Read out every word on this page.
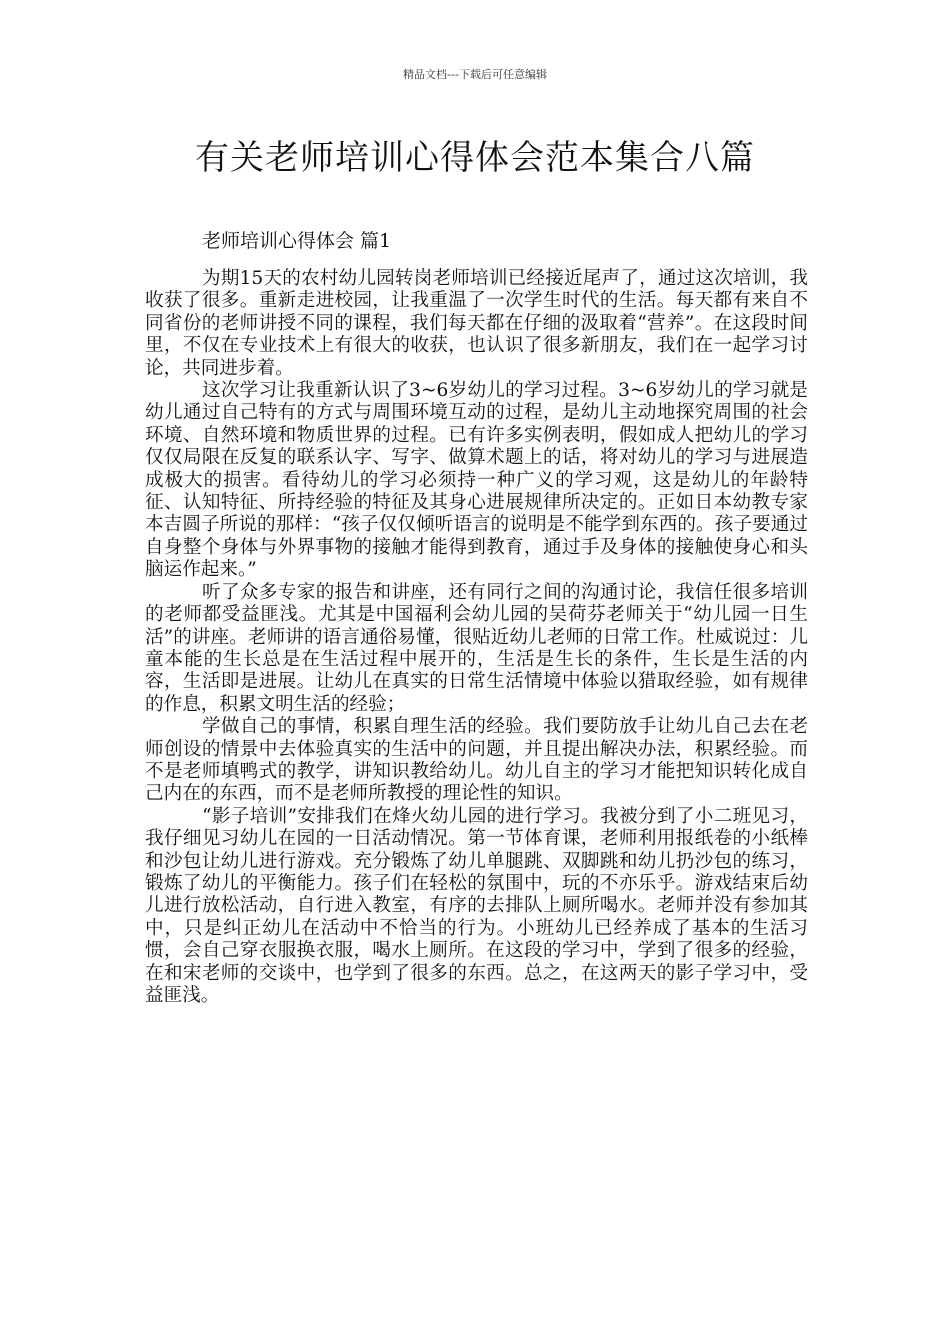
精品文档---下载后可任意编辑
有关老师培训心得体会范本集合八篇
老师培训心得体会 篇1

为期15天的农村幼儿园转岗老师培训已经接近尾声了，通过这次培训，我收获了很多。重新走进校园，让我重温了一次学生时代的生活。每天都有来自不同省份的老师讲授不同的课程，我们每天都在仔细的汲取着“营养”。在这段时间里，不仅在专业技术上有很大的收获，也认识了很多新朋友，我们在一起学习讨论，共同进步着。

这次学习让我重新认识了3~6岁幼儿的学习过程。3~6岁幼儿的学习就是幼儿通过自己特有的方式与周围环境互动的过程，是幼儿主动地探究周围的社会环境、自然环境和物质世界的过程。已有许多实例表明，假如成人把幼儿的学习仅仅局限在反复的联系认字、写字、做算术题上的话，将对幼儿的学习与进展造成极大的损害。看待幼儿的学习必须持一种广义的学习观，这是幼儿的年龄特征、认知特征、所持经验的特征及其身心进展规律所决定的。正如日本幼教专家本吉圆子所说的那样：“孩子仅仅倾听语言的说明是不能学到东西的。孩子要通过自身整个身体与外界事物的接触才能得到教育，通过手及身体的接触使身心和头脑运作起来。”

听了众多专家的报告和讲座，还有同行之间的沟通讨论，我信任很多培训的老师都受益匪浅。尤其是中国福利会幼儿园的吴荷芬老师关于“幼儿园一日生活”的讲座。老师讲的语言通俗易懂，很贴近幼儿老师的日常工作。杜威说过：儿童本能的生长总是在生活过程中展开的，生活是生长的条件，生长是生活的内容，生活即是进展。让幼儿在真实的日常生活情境中体验以猎取经验，如有规律的作息，积累文明生活的经验；

学做自己的事情，积累自理生活的经验。我们要防放手让幼儿自己去在老师创设的情景中去体验真实的生活中的问题，并且提出解决办法，积累经验。而不是老师填鸭式的教学，讲知识教给幼儿。幼儿自主的学习才能把知识转化成自己内在的东西，而不是老师所教授的理论性的知识。

“影子培训”安排我们在烽火幼儿园的进行学习。我被分到了小二班见习，我仔细见习幼儿在园的一日活动情况。第一节体育课，老师利用报纸卷的小纸棒和沙包让幼儿进行游戏。充分锻炼了幼儿单腿跳、双脚跳和幼儿扔沙包的练习，锻炼了幼儿的平衡能力。孩子们在轻松的氛围中，玩的不亦乐乎。游戏结束后幼儿进行放松活动，自行进入教室，有序的去排队上厕所喝水。老师并没有参加其中，只是纠正幼儿在活动中不恰当的行为。小班幼儿已经养成了基本的生活习惯，会自己穿衣服换衣服，喝水上厕所。在这段的学习中，学到了很多的经验，在和宋老师的交谈中，也学到了很多的东西。总之，在这两天的影子学习中，受益匪浅。
